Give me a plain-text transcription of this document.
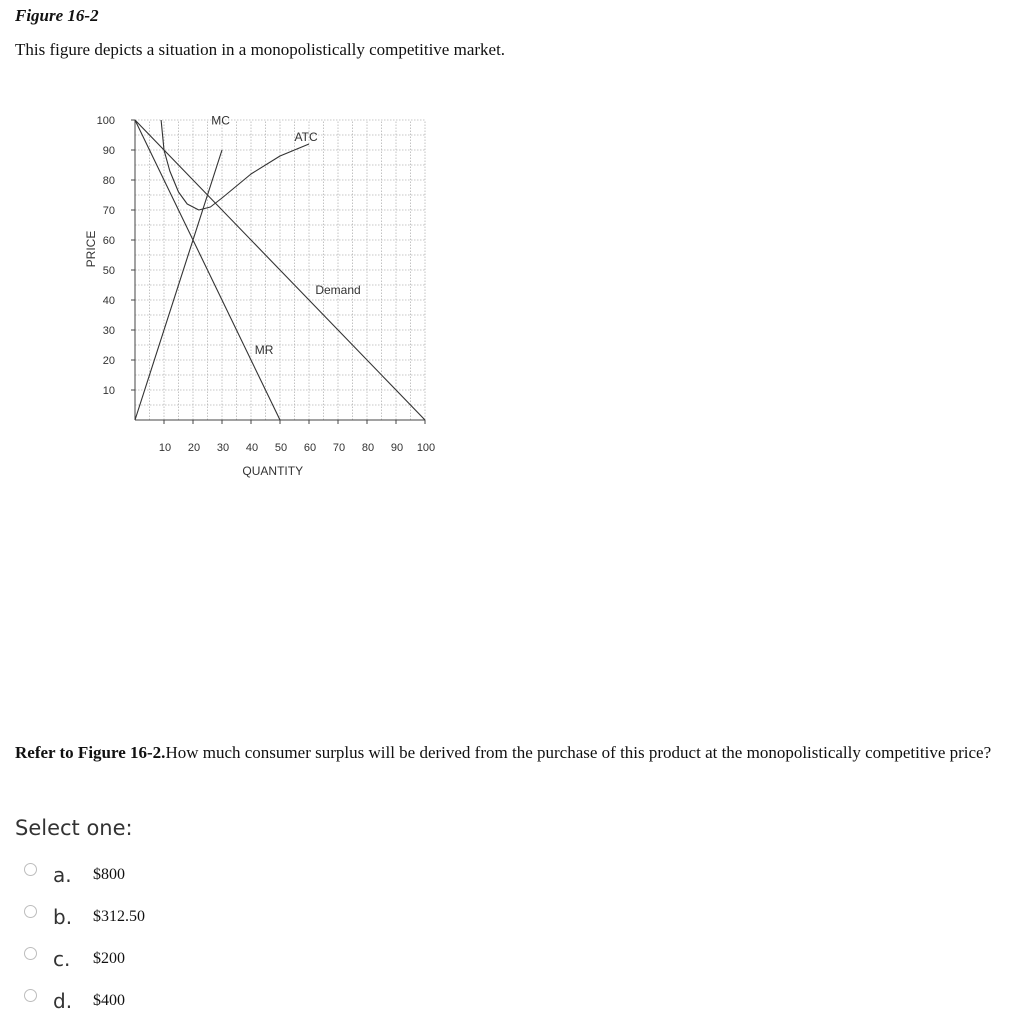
Figure 16-2
This figure depicts a situation in a monopolistically competitive market.
10
20
30
40
50
60
70
80
90
100
10 20 30 40 50 60 70 80 90 100
QUANTITY
PRICE
MC
ATC
Demand
MR
Refer to Figure 16-2.How much consumer surplus will be derived from the purchase of this product at the monopolistically competitive price?
Select one:
a.	$800
b.	$312.50
c.	$200
d.	$400
